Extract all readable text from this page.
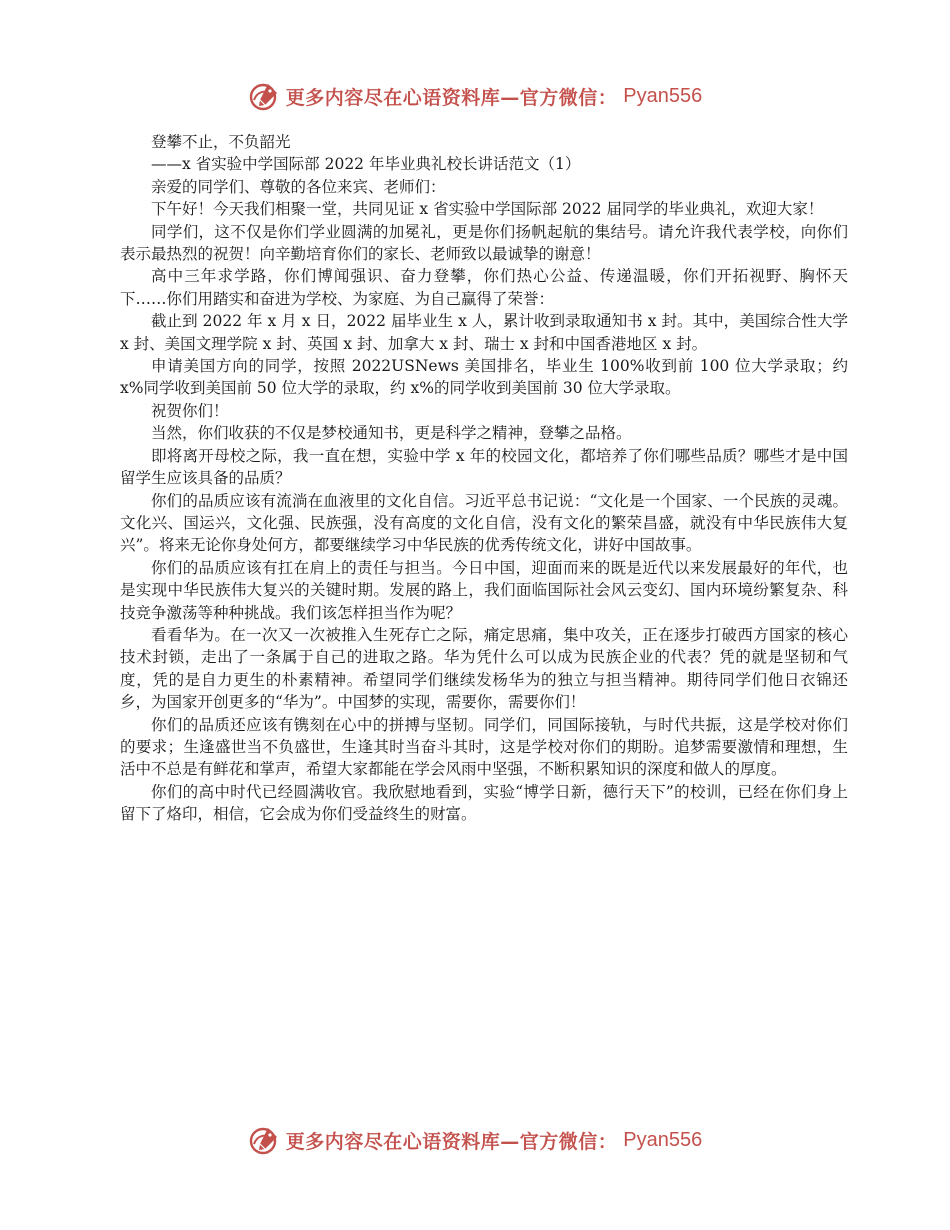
更多内容尽在心语资料库—官方微信： Pyan556

登攀不止，不负韶光

——x 省实验中学国际部 2022 年毕业典礼校长讲话范文（1）

亲爱的同学们、尊敬的各位来宾、老师们：

下午好！今天我们相聚一堂，共同见证 x 省实验中学国际部 2022 届同学的毕业典礼，欢迎大家！

同学们，这不仅是你们学业圆满的加冕礼，更是你们扬帆起航的集结号。请允许我代表学校，向你们表示最热烈的祝贺！向辛勤培育你们的家长、老师致以最诚挚的谢意！

高中三年求学路，你们博闻强识、奋力登攀，你们热心公益、传递温暖，你们开拓视野、胸怀天下……你们用踏实和奋进为学校、为家庭、为自己赢得了荣誉：

截止到 2022 年 x 月 x 日，2022 届毕业生 x 人，累计收到录取通知书 x 封。其中，美国综合性大学 x 封、美国文理学院 x 封、英国 x 封、加拿大 x 封、瑞士 x 封和中国香港地区 x 封。

申请美国方向的同学，按照 2022USNews 美国排名，毕业生 100%收到前 100 位大学录取；约 x%同学收到美国前 50 位大学的录取，约 x%的同学收到美国前 30 位大学录取。

祝贺你们！

当然，你们收获的不仅是梦校通知书，更是科学之精神，登攀之品格。

即将离开母校之际，我一直在想，实验中学 x 年的校园文化，都培养了你们哪些品质？哪些才是中国留学生应该具备的品质？

你们的品质应该有流淌在血液里的文化自信。习近平总书记说：“文化是一个国家、一个民族的灵魂。文化兴、国运兴，文化强、民族强，没有高度的文化自信，没有文化的繁荣昌盛，就没有中华民族伟大复兴”。将来无论你身处何方，都要继续学习中华民族的优秀传统文化，讲好中国故事。

你们的品质应该有扛在肩上的责任与担当。今日中国，迎面而来的既是近代以来发展最好的年代，也是实现中华民族伟大复兴的关键时期。发展的路上，我们面临国际社会风云变幻、国内环境纷繁复杂、科技竞争激荡等种种挑战。我们该怎样担当作为呢？

看看华为。在一次又一次被推入生死存亡之际，痛定思痛，集中攻关，正在逐步打破西方国家的核心技术封锁，走出了一条属于自己的进取之路。华为凭什么可以成为民族企业的代表？凭的就是坚韧和气度，凭的是自力更生的朴素精神。希望同学们继续发杨华为的独立与担当精神。期待同学们他日衣锦还乡，为国家开创更多的“华为”。中国梦的实现，需要你，需要你们！

你们的品质还应该有镌刻在心中的拼搏与坚韧。同学们，同国际接轨，与时代共振，这是学校对你们的要求；生逢盛世当不负盛世，生逢其时当奋斗其时，这是学校对你们的期盼。追梦需要激情和理想，生活中不总是有鲜花和掌声，希望大家都能在学会风雨中坚强，不断积累知识的深度和做人的厚度。

你们的高中时代已经圆满收官。我欣慰地看到，实验“博学日新，德行天下”的校训，已经在你们身上留下了烙印，相信，它会成为你们受益终生的财富。

更多内容尽在心语资料库—官方微信： Pyan556
